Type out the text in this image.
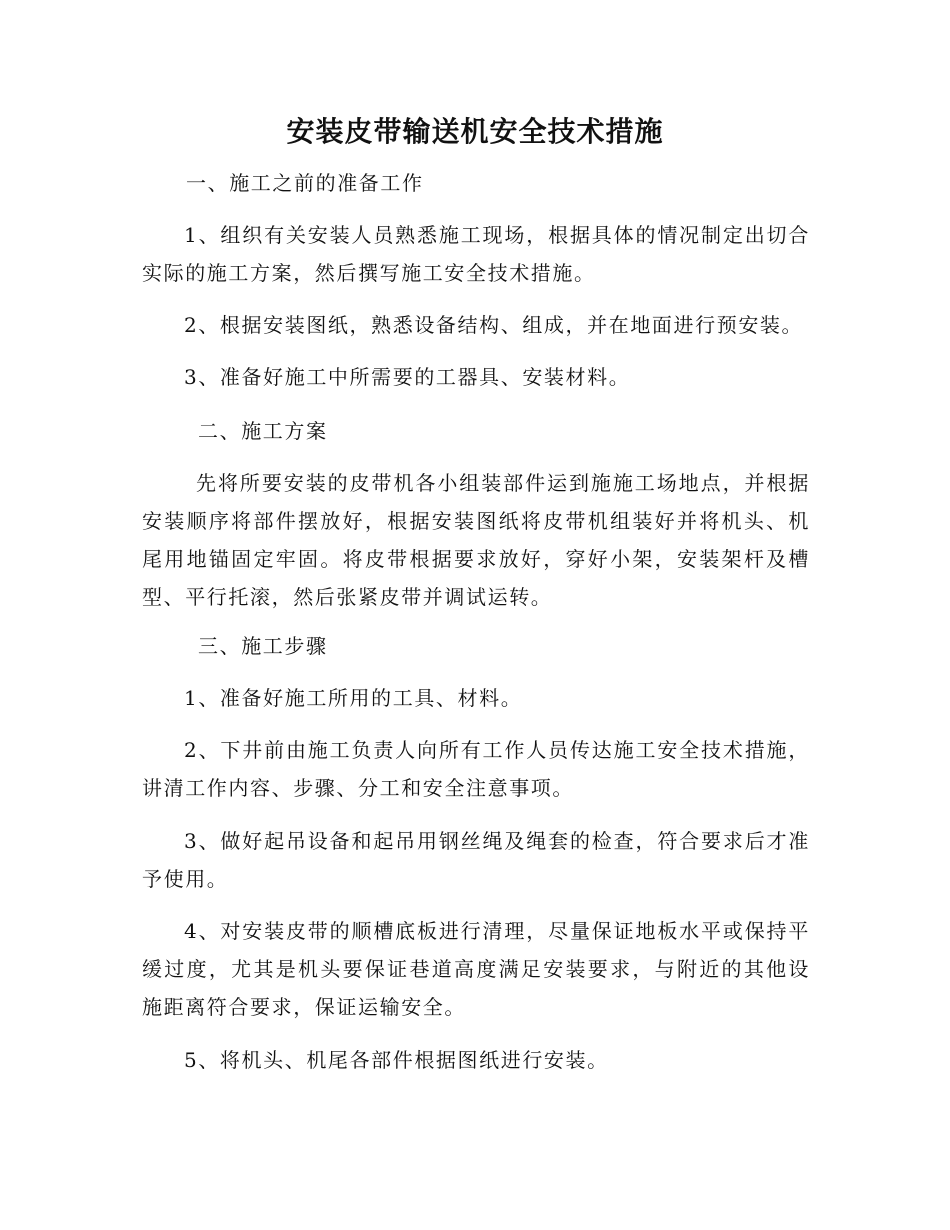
安装皮带输送机安全技术措施

一、施工之前的准备工作

1、组织有关安装人员熟悉施工现场，根据具体的情况制定出切合实际的施工方案，然后撰写施工安全技术措施。

2、根据安装图纸，熟悉设备结构、组成，并在地面进行预安装。

3、准备好施工中所需要的工器具、安装材料。

二、施工方案

先将所要安装的皮带机各小组装部件运到施施工场地点，并根据安装顺序将部件摆放好，根据安装图纸将皮带机组装好并将机头、机尾用地锚固定牢固。将皮带根据要求放好，穿好小架，安装架杆及槽型、平行托滚，然后张紧皮带并调试运转。

三、施工步骤

1、准备好施工所用的工具、材料。

2、下井前由施工负责人向所有工作人员传达施工安全技术措施，讲清工作内容、步骤、分工和安全注意事项。

3、做好起吊设备和起吊用钢丝绳及绳套的检查，符合要求后才准予使用。

4、对安装皮带的顺槽底板进行清理，尽量保证地板水平或保持平缓过度，尤其是机头要保证巷道高度满足安装要求，与附近的其他设施距离符合要求，保证运输安全。

5、将机头、机尾各部件根据图纸进行安装。
